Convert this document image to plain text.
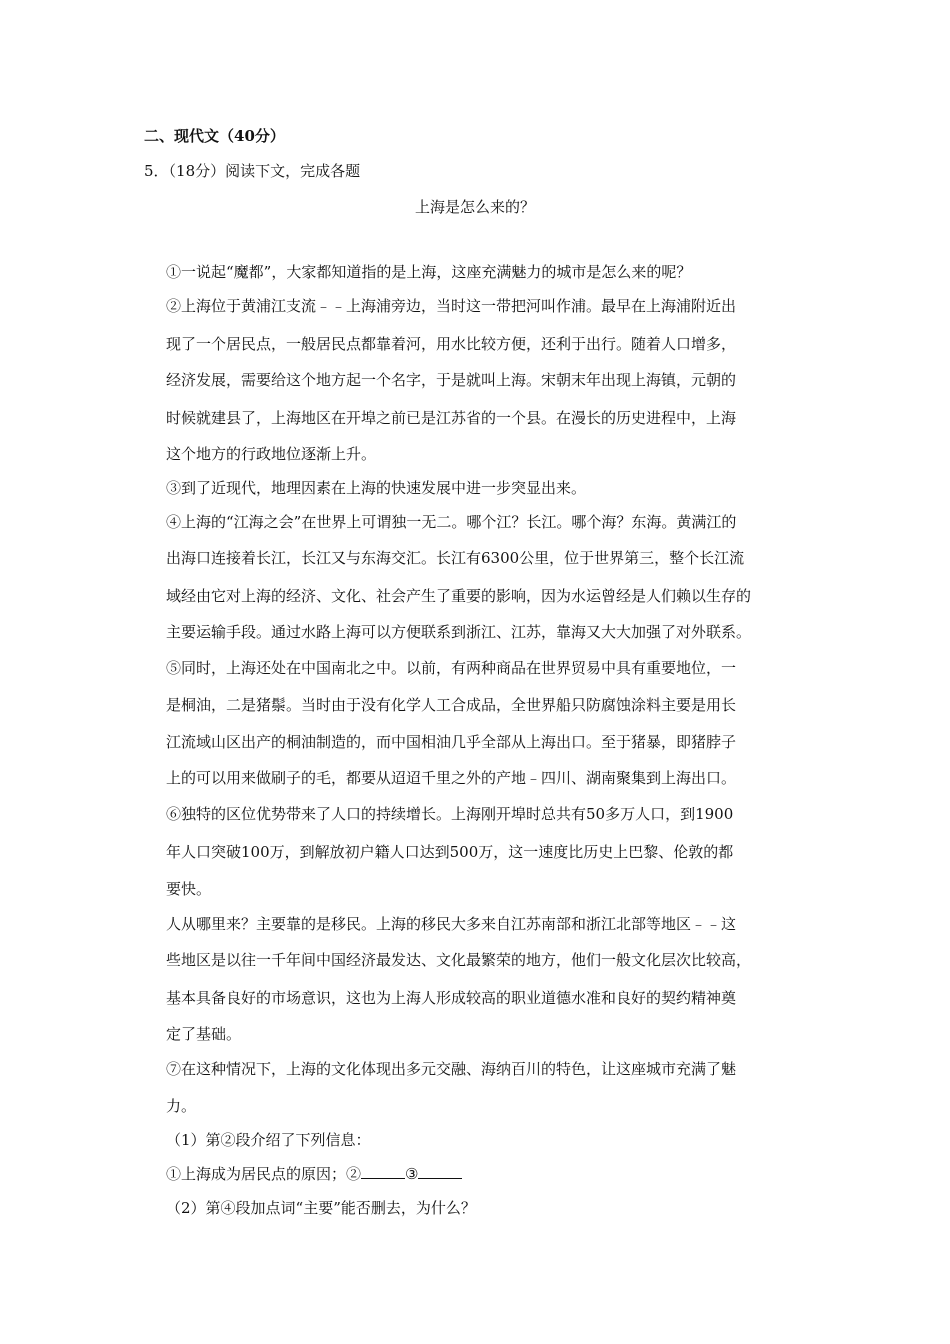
二、现代文（40分）
5．（18分）阅读下文，完成各题
上海是怎么来的？
①一说起“魔都”，大家都知道指的是上海，这座充满魅力的城市是怎么来的呢？
②上海位于黄浦江支流﹣﹣上海浦旁边，当时这一带把河叫作浦。最早在上海浦附近出
现了一个居民点，一般居民点都靠着河，用水比较方便，还利于出行。随着人口增多，
经济发展，需要给这个地方起一个名字，于是就叫上海。宋朝末年出现上海镇，元朝的
时候就建县了，上海地区在开埠之前已是江苏省的一个县。在漫长的历史进程中，上海
这个地方的行政地位逐渐上升。
③到了近现代，地理因素在上海的快速发展中进一步突显出来。
④上海的“江海之会”在世界上可谓独一无二。哪个江？长江。哪个海？东海。黄满江的
出海口连接着长江，长江又与东海交汇。长江有6300公里，位于世界第三，整个长江流
域经由它对上海的经济、文化、社会产生了重要的影响，因为水运曾经是人们赖以生存的
主要运输手段。通过水路上海可以方便联系到浙江、江苏，靠海又大大加强了对外联系。
⑤同时，上海还处在中国南北之中。以前，有两种商品在世界贸易中具有重要地位，一
是桐油，二是猪鬃。当时由于没有化学人工合成品，全世界船只防腐蚀涂料主要是用长
江流域山区出产的桐油制造的，而中国相油几乎全部从上海出口。至于猪暴，即猪脖子
上的可以用来做刷子的毛，都要从迢迢千里之外的产地﹣四川、湖南聚集到上海出口。
⑥独特的区位优势带来了人口的持续增长。上海刚开埠时总共有50多万人口，到1900
年人口突破100万，到解放初户籍人口达到500万，这一速度比历史上巴黎、伦敦的都
要快。
人从哪里来？主要靠的是移民。上海的移民大多来自江苏南部和浙江北部等地区﹣﹣这
些地区是以往一千年间中国经济最发达、文化最繁荣的地方，他们一般文化层次比较高，
基本具备良好的市场意识，这也为上海人形成较高的职业道德水准和良好的契约精神奠
定了基础。
⑦在这种情况下，上海的文化体现出多元交融、海纳百川的特色，让这座城市充满了魅
力。
（1）第②段介绍了下列信息：
①上海成为居民点的原因；②	③
（2）第④段加点词“主要”能否删去，为什么？
